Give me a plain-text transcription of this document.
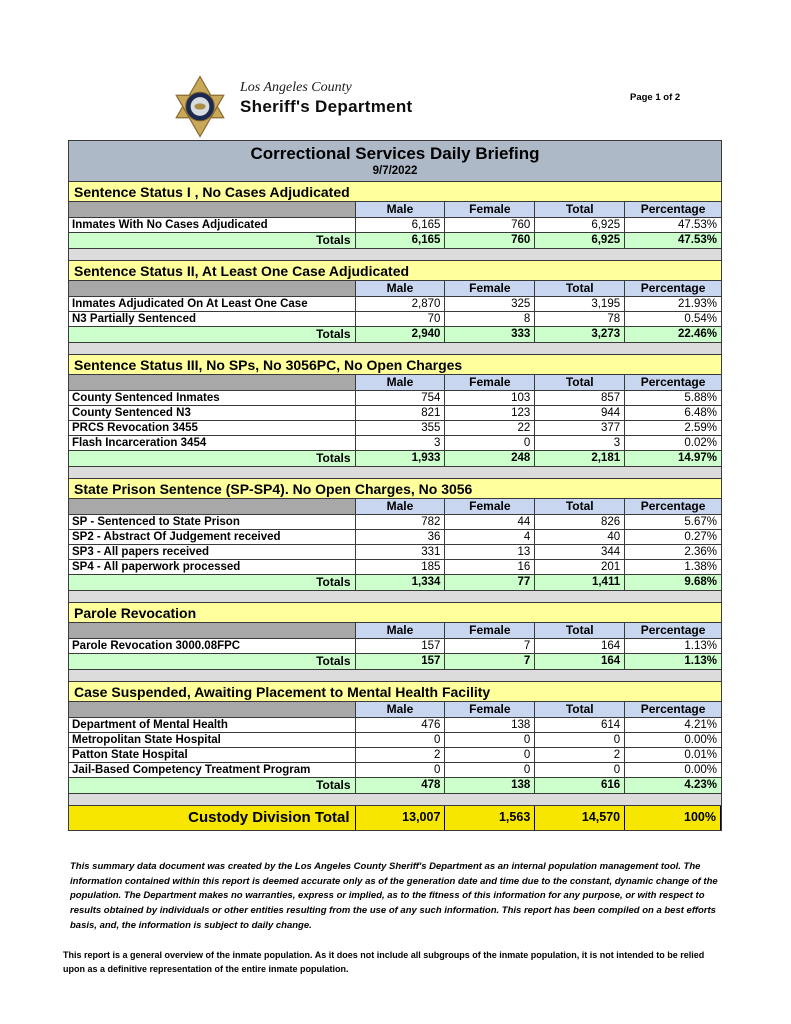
Los Angeles County
Sheriff's Department	Page 1 of 2
Correctional Services Daily Briefing
9/7/2022
Sentence Status I , No Cases Adjudicated
Male	Female	Total	Percentage
Inmates With No Cases Adjudicated	6,165	760	6,925	47.53%
Totals	6,165	760	6,925	47.53%
Sentence Status II, At Least One Case Adjudicated
Male	Female	Total	Percentage
Inmates Adjudicated On At Least One Case	2,870	325	3,195	21.93%
N3 Partially Sentenced	70	8	78	0.54%
Totals	2,940	333	3,273	22.46%
Sentence Status III, No SPs, No 3056PC, No Open Charges
Male	Female	Total	Percentage
County Sentenced Inmates	754	103	857	5.88%
County Sentenced N3	821	123	944	6.48%
PRCS Revocation 3455	355	22	377	2.59%
Flash Incarceration 3454	3	0	3	0.02%
Totals	1,933	248	2,181	14.97%
State Prison Sentence (SP-SP4). No Open Charges, No 3056
Male	Female	Total	Percentage
SP - Sentenced to State Prison	782	44	826	5.67%
SP2 - Abstract Of Judgement received	36	4	40	0.27%
SP3 - All papers received	331	13	344	2.36%
SP4 - All paperwork processed	185	16	201	1.38%
Totals	1,334	77	1,411	9.68%
Parole Revocation
Male	Female	Total	Percentage
Parole Revocation 3000.08FPC	157	7	164	1.13%
Totals	157	7	164	1.13%
Case Suspended, Awaiting Placement to Mental Health Facility
Male	Female	Total	Percentage
Department of Mental Health	476	138	614	4.21%
Metropolitan State Hospital	0	0	0	0.00%
Patton State Hospital	2	0	2	0.01%
Jail-Based Competency Treatment Program	0	0	0	0.00%
Totals	478	138	616	4.23%
Custody Division Total	13,007	1,563	14,570	100%
This summary data document was created by the Los Angeles County Sheriff's Department as an internal population management tool. The information contained within this report is deemed accurate only as of the generation date and time due to the constant, dynamic change of the population. The Department makes no warranties, express or implied, as to the fitness of this information for any purpose, or with respect to results obtained by individuals or other entities resulting from the use of any such information. This report has been compiled on a best efforts basis, and, the information is subject to daily change.
This report is a general overview of the inmate population. As it does not include all subgroups of the inmate population, it is not intended to be relied upon as a definitive representation of the entire inmate population.
